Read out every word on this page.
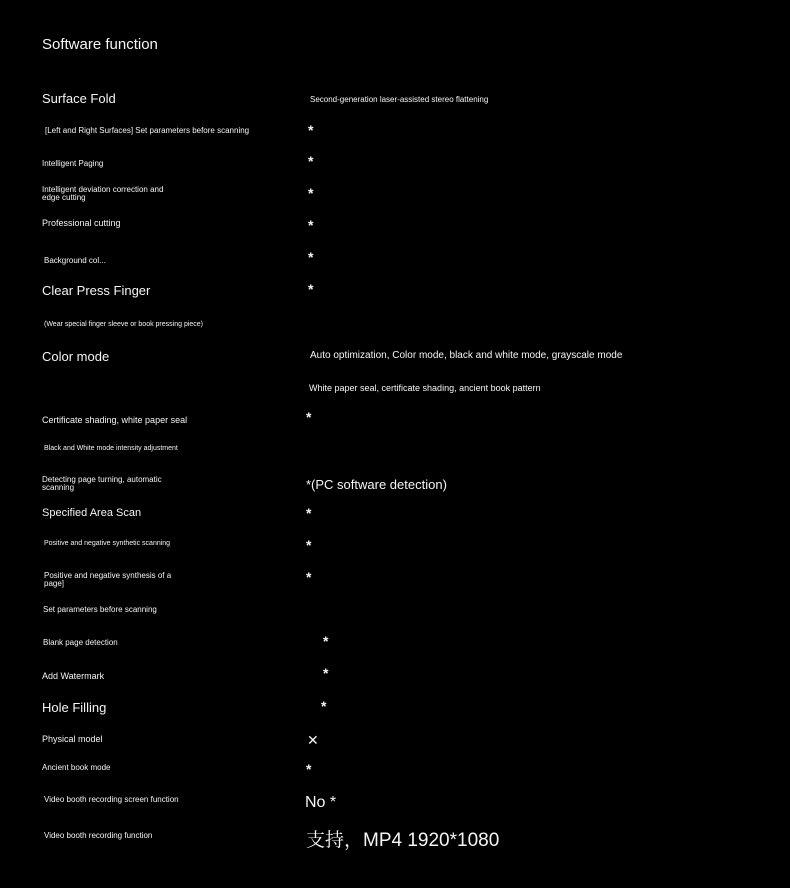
Software function
Surface Fold
[Left and Right Surfaces] Set parameters before scanning
Intelligent Paging
Intelligent deviation correction and edge cutting
Professional cutting
Background col...
Clear Press Finger
(Wear special finger sleeve or book pressing piece)
Color mode
Certificate shading, white paper seal
Black and White mode intensity adjustment
Detecting page turning, automatic scanning
Specified Area Scan
Positive and negative synthetic scanning
Positive and negative synthesis of a page]
Set parameters before scanning
Blank page detection
Add Watermark
Hole Filling
Physical model
Ancient book mode
Video booth recording screen function
Video booth recording function
Second-generation laser-assisted stereo flattening
*
*
*
*
*
*
Auto optimization, Color mode, black and white mode, grayscale mode
White paper seal, certificate shading, ancient book pattern
*
*(PC software detection)
*
*
*
*
*
*
✕
*
No *
支持，MP4 1920*1080
